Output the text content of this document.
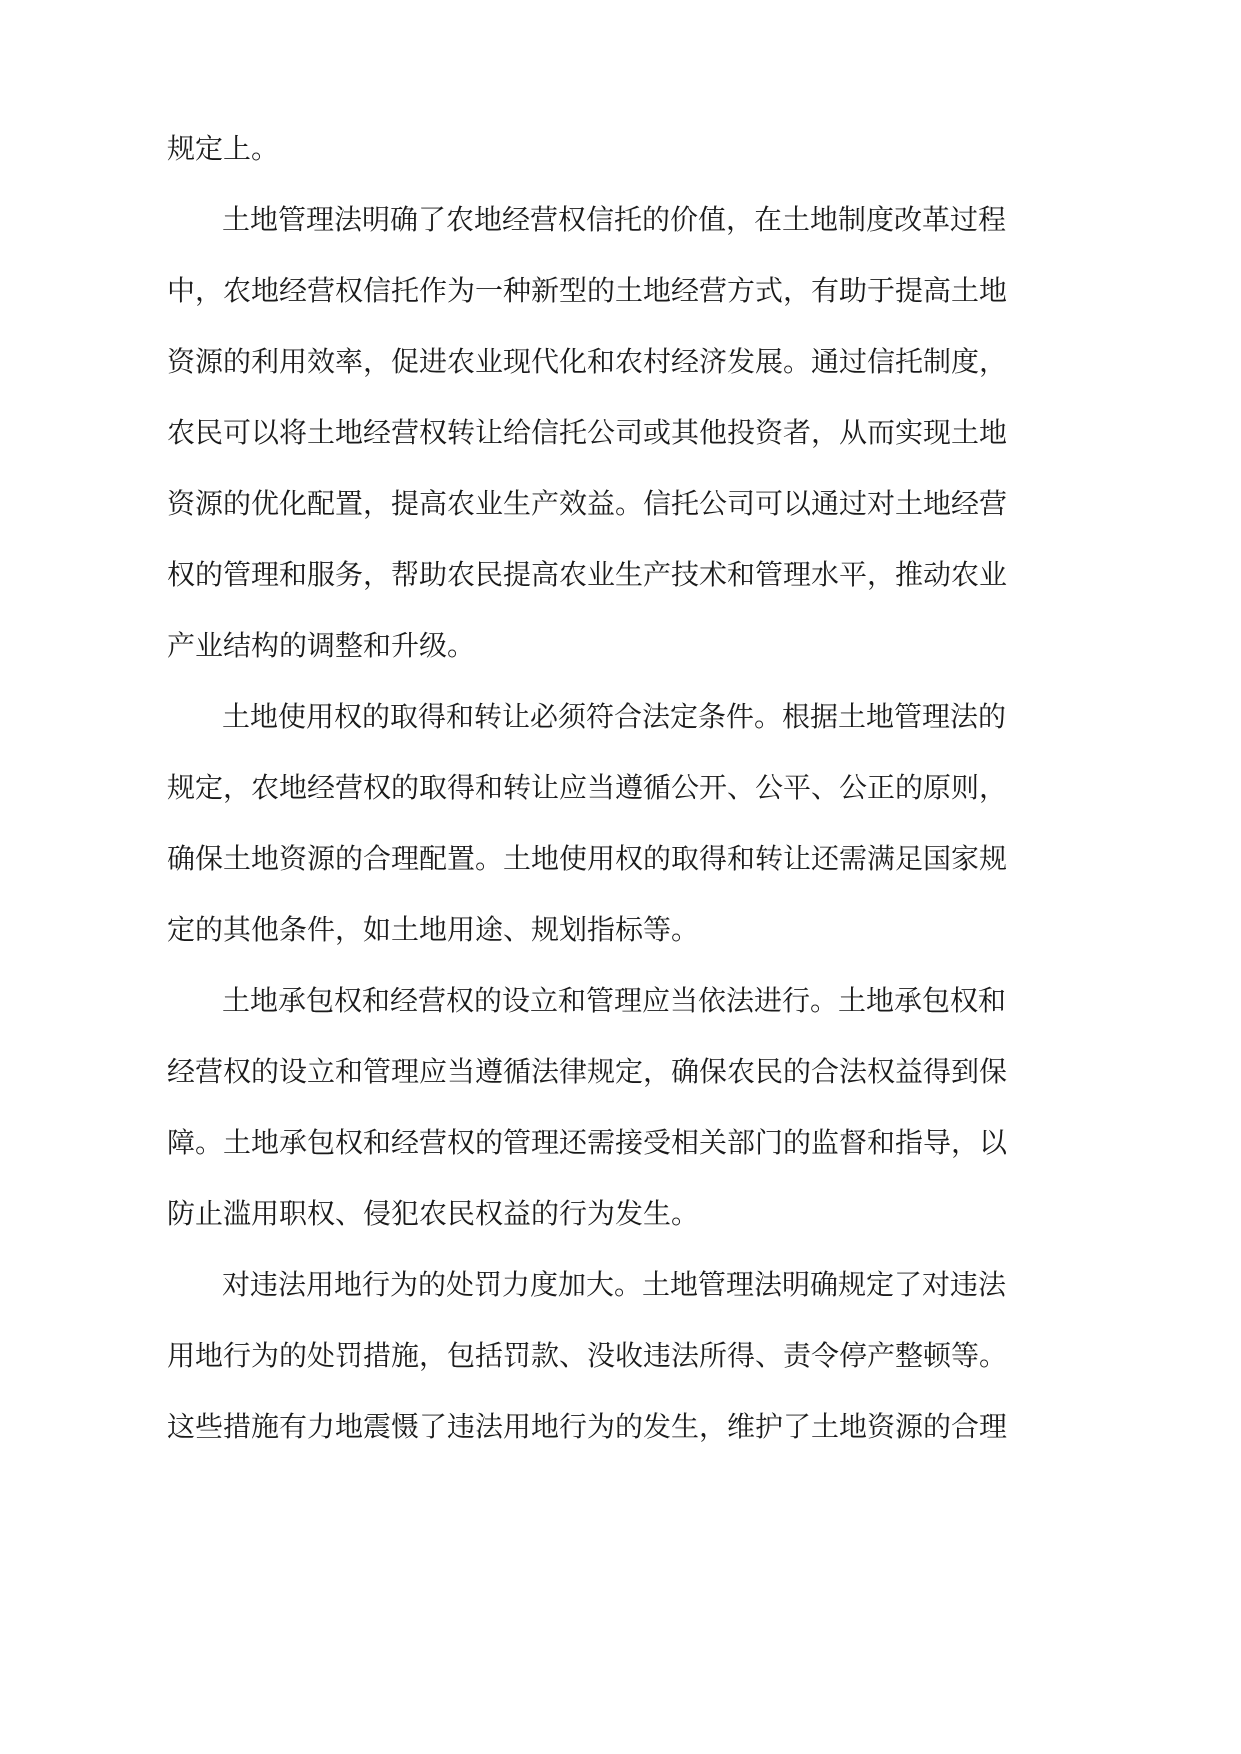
规定上。

土地管理法明确了农地经营权信托的价值，在土地制度改革过程

中，农地经营权信托作为一种新型的土地经营方式，有助于提高土地

资源的利用效率，促进农业现代化和农村经济发展。通过信托制度，

农民可以将土地经营权转让给信托公司或其他投资者，从而实现土地

资源的优化配置，提高农业生产效益。信托公司可以通过对土地经营

权的管理和服务，帮助农民提高农业生产技术和管理水平，推动农业

产业结构的调整和升级。

土地使用权的取得和转让必须符合法定条件。根据土地管理法的

规定，农地经营权的取得和转让应当遵循公开、公平、公正的原则，

确保土地资源的合理配置。土地使用权的取得和转让还需满足国家规

定的其他条件，如土地用途、规划指标等。

土地承包权和经营权的设立和管理应当依法进行。土地承包权和

经营权的设立和管理应当遵循法律规定，确保农民的合法权益得到保

障。土地承包权和经营权的管理还需接受相关部门的监督和指导，以

防止滥用职权、侵犯农民权益的行为发生。

对违法用地行为的处罚力度加大。土地管理法明确规定了对违法

用地行为的处罚措施，包括罚款、没收违法所得、责令停产整顿等。

这些措施有力地震慑了违法用地行为的发生，维护了土地资源的合理
